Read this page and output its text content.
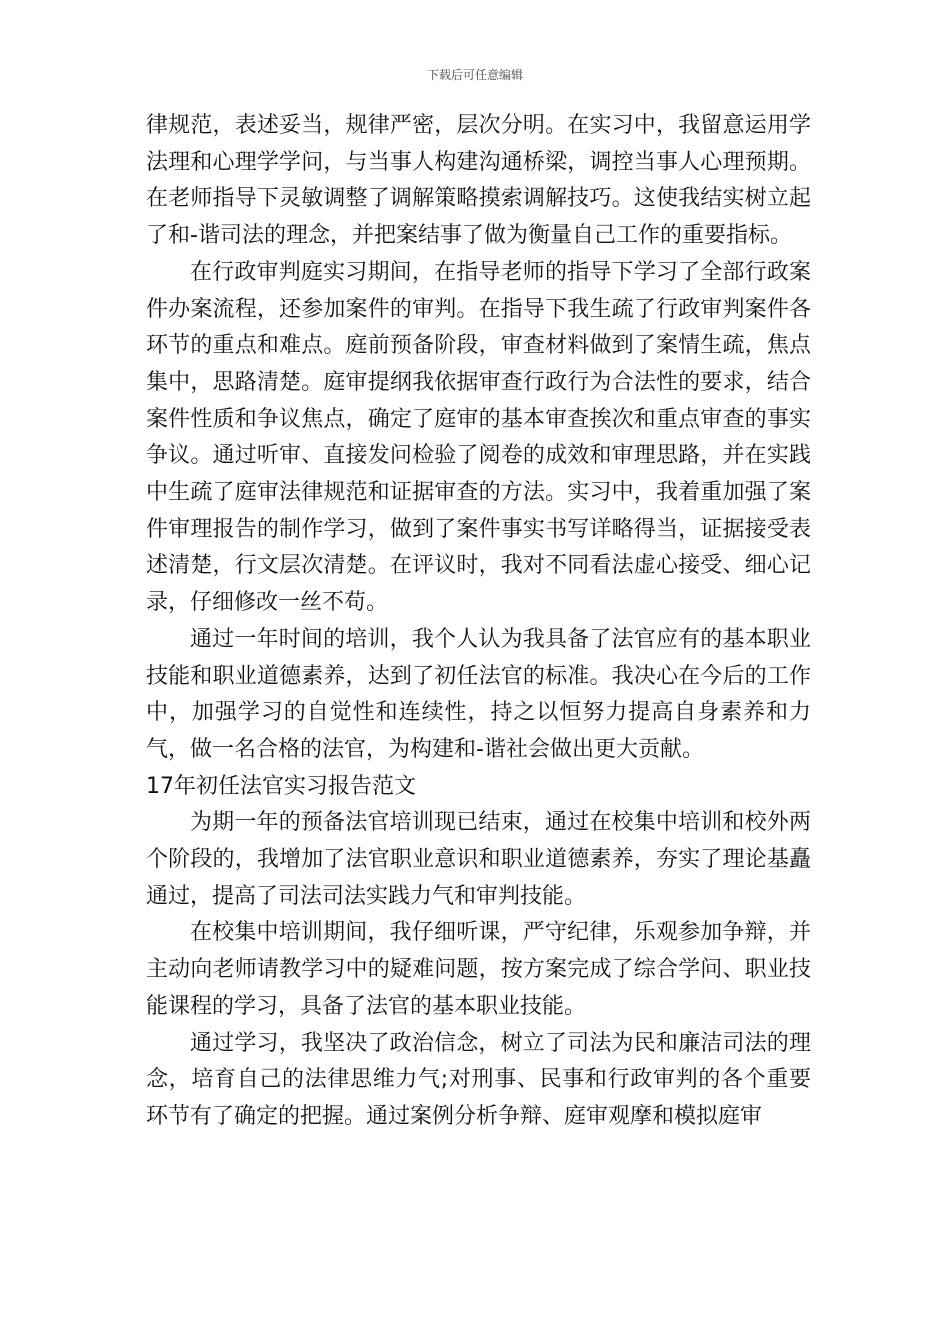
下载后可任意编辑

律规范，表述妥当，规律严密，层次分明。在实习中，我留意运用学法理和心理学学问，与当事人构建沟通桥梁，调控当事人心理预期。在老师指导下灵敏调整了调解策略摸索调解技巧。这使我结实树立起了和-谐司法的理念，并把案结事了做为衡量自己工作的重要指标。

在行政审判庭实习期间，在指导老师的指导下学习了全部行政案件办案流程，还参加案件的审判。在指导下我生疏了行政审判案件各环节的重点和难点。庭前预备阶段，审查材料做到了案情生疏，焦点集中，思路清楚。庭审提纲我依据审查行政行为合法性的要求，结合案件性质和争议焦点，确定了庭审的基本审查挨次和重点审查的事实争议。通过听审、直接发问检验了阅卷的成效和审理思路，并在实践中生疏了庭审法律规范和证据审查的方法。实习中，我着重加强了案件审理报告的制作学习，做到了案件事实书写详略得当，证据接受表述清楚，行文层次清楚。在评议时，我对不同看法虚心接受、细心记录，仔细修改一丝不苟。

通过一年时间的培训，我个人认为我具备了法官应有的基本职业技能和职业道德素养，达到了初任法官的标准。我决心在今后的工作中，加强学习的自觉性和连续性，持之以恒努力提高自身素养和力气，做一名合格的法官，为构建和-谐社会做出更大贡献。

17年初任法官实习报告范文

为期一年的预备法官培训现已结束，通过在校集中培训和校外两个阶段的，我增加了法官职业意识和职业道德素养，夯实了理论基矗通过，提高了司法司法实践力气和审判技能。

在校集中培训期间，我仔细听课，严守纪律，乐观参加争辩，并主动向老师请教学习中的疑难问题，按方案完成了综合学问、职业技能课程的学习，具备了法官的基本职业技能。

通过学习，我坚决了政治信念，树立了司法为民和廉洁司法的理念，培育自己的法律思维力气;对刑事、民事和行政审判的各个重要环节有了确定的把握。通过案例分析争辩、庭审观摩和模拟庭审
